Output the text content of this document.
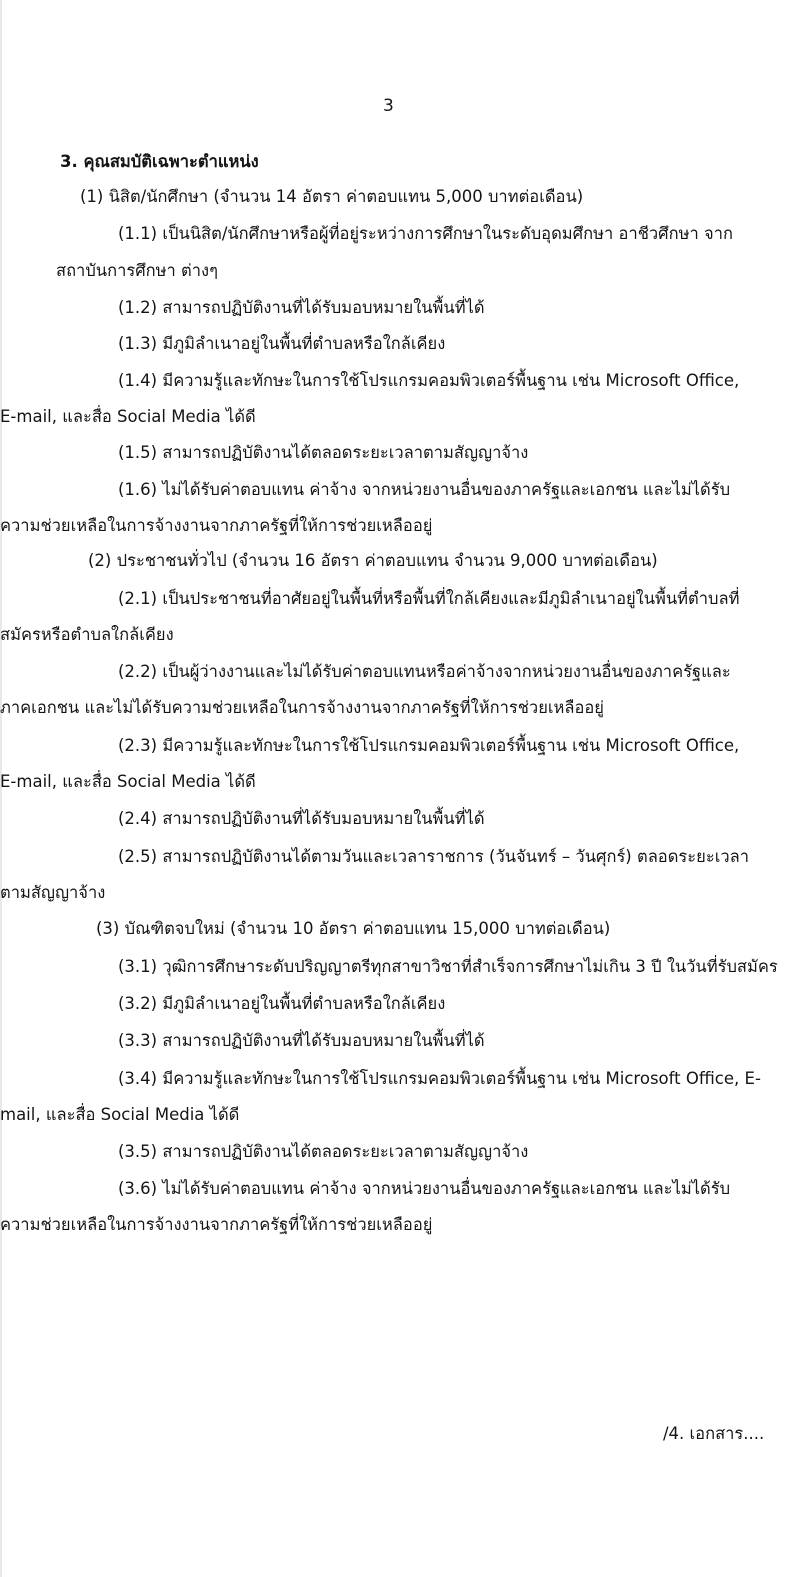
3
3. คุณสมบัติเฉพาะตำแหน่ง
(1) นิสิต/นักศึกษา (จำนวน 14 อัตรา ค่าตอบแทน 5,000 บาทต่อเดือน)
(1.1) เป็นนิสิต/นักศึกษาหรือผู้ที่อยู่ระหว่างการศึกษาในระดับอุดมศึกษา อาชีวศึกษา จาก
สถาบันการศึกษา ต่างๆ
(1.2) สามารถปฏิบัติงานที่ได้รับมอบหมายในพื้นที่ได้
(1.3) มีภูมิลำเนาอยู่ในพื้นที่ตำบลหรือใกล้เคียง
(1.4) มีความรู้และทักษะในการใช้โปรแกรมคอมพิวเตอร์พื้นฐาน เช่น Microsoft Office,
E-mail, และสื่อ Social Media ได้ดี
(1.5) สามารถปฏิบัติงานได้ตลอดระยะเวลาตามสัญญาจ้าง
(1.6) ไม่ได้รับค่าตอบแทน ค่าจ้าง จากหน่วยงานอื่นของภาครัฐและเอกชน และไม่ได้รับ
ความช่วยเหลือในการจ้างงานจากภาครัฐที่ให้การช่วยเหลืออยู่
(2) ประชาชนทั่วไป (จำนวน 16 อัตรา ค่าตอบแทน จำนวน 9,000 บาทต่อเดือน)
(2.1) เป็นประชาชนที่อาศัยอยู่ในพื้นที่หรือพื้นที่ใกล้เคียงและมีภูมิลำเนาอยู่ในพื้นที่ตำบลที่
สมัครหรือตำบลใกล้เคียง
(2.2) เป็นผู้ว่างงานและไม่ได้รับค่าตอบแทนหรือค่าจ้างจากหน่วยงานอื่นของภาครัฐและ
ภาคเอกชน และไม่ได้รับความช่วยเหลือในการจ้างงานจากภาครัฐที่ให้การช่วยเหลืออยู่
(2.3) มีความรู้และทักษะในการใช้โปรแกรมคอมพิวเตอร์พื้นฐาน เช่น Microsoft Office,
E-mail, และสื่อ Social Media ได้ดี
(2.4) สามารถปฏิบัติงานที่ได้รับมอบหมายในพื้นที่ได้
(2.5) สามารถปฏิบัติงานได้ตามวันและเวลาราชการ (วันจันทร์ – วันศุกร์) ตลอดระยะเวลา
ตามสัญญาจ้าง
(3) บัณฑิตจบใหม่ (จำนวน 10 อัตรา ค่าตอบแทน 15,000 บาทต่อเดือน)
(3.1) วุฒิการศึกษาระดับปริญญาตรีทุกสาขาวิชาที่สำเร็จการศึกษาไม่เกิน 3 ปี ในวันที่รับสมัคร
(3.2) มีภูมิลำเนาอยู่ในพื้นที่ตำบลหรือใกล้เคียง
(3.3) สามารถปฏิบัติงานที่ได้รับมอบหมายในพื้นที่ได้
(3.4) มีความรู้และทักษะในการใช้โปรแกรมคอมพิวเตอร์พื้นฐาน เช่น Microsoft Office, E-
mail, และสื่อ Social Media ได้ดี
(3.5) สามารถปฏิบัติงานได้ตลอดระยะเวลาตามสัญญาจ้าง
(3.6) ไม่ได้รับค่าตอบแทน ค่าจ้าง จากหน่วยงานอื่นของภาครัฐและเอกชน และไม่ได้รับ
ความช่วยเหลือในการจ้างงานจากภาครัฐที่ให้การช่วยเหลืออยู่
/4. เอกสาร....
